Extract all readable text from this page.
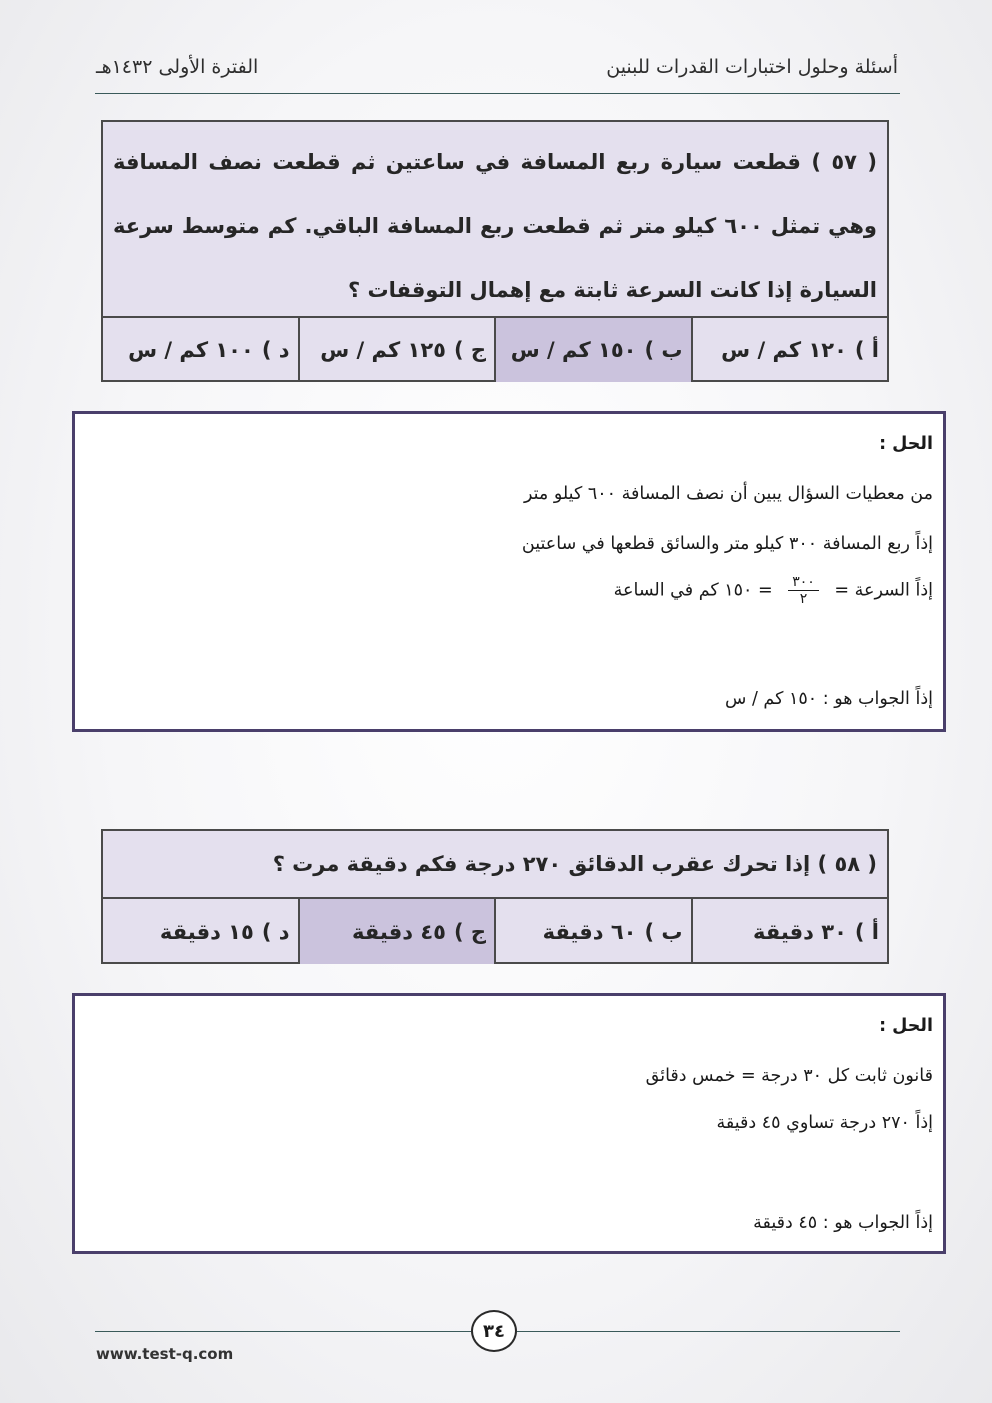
أسئلة وحلول اختبارات القدرات للبنين
الفترة الأولى ١٤٣٢هـ
( ٥٧ ) قطعت سيارة ربع المسافة في ساعتين ثم قطعت نصف المسافة وهي تمثل ٦٠٠ كيلو متر ثم قطعت ربع المسافة الباقي. كم متوسط سرعة السيارة إذا كانت السرعة ثابتة مع إهمال التوقفات ؟
أ )
١٢٠ كم / س
ب )
١٥٠ كم / س
ج )
١٢٥ كم / س
د )
١٠٠ كم / س
الحل :
من معطيات السؤال يبين أن نصف المسافة ٦٠٠ كيلو متر
إذاً ربع المسافة ٣٠٠ كيلو متر والسائق قطعها في ساعتين
إذاً السرعة =
$\frac{٣٠٠}{٢}$
= ١٥٠ كم في الساعة
إذاً الجواب هو : ١٥٠ كم / س
( ٥٨ ) إذا تحرك عقرب الدقائق ٢٧٠ درجة فكم دقيقة مرت ؟
أ )
٣٠ دقيقة
ب )
٦٠ دقيقة
ج )
٤٥ دقيقة
د )
١٥ دقيقة
الحل :
قانون ثابت كل ٣٠ درجة = خمس دقائق
إذاً ٢٧٠ درجة تساوي ٤٥ دقيقة
إذاً الجواب هو : ٤٥ دقيقة
٣٤
www.test-q.com
